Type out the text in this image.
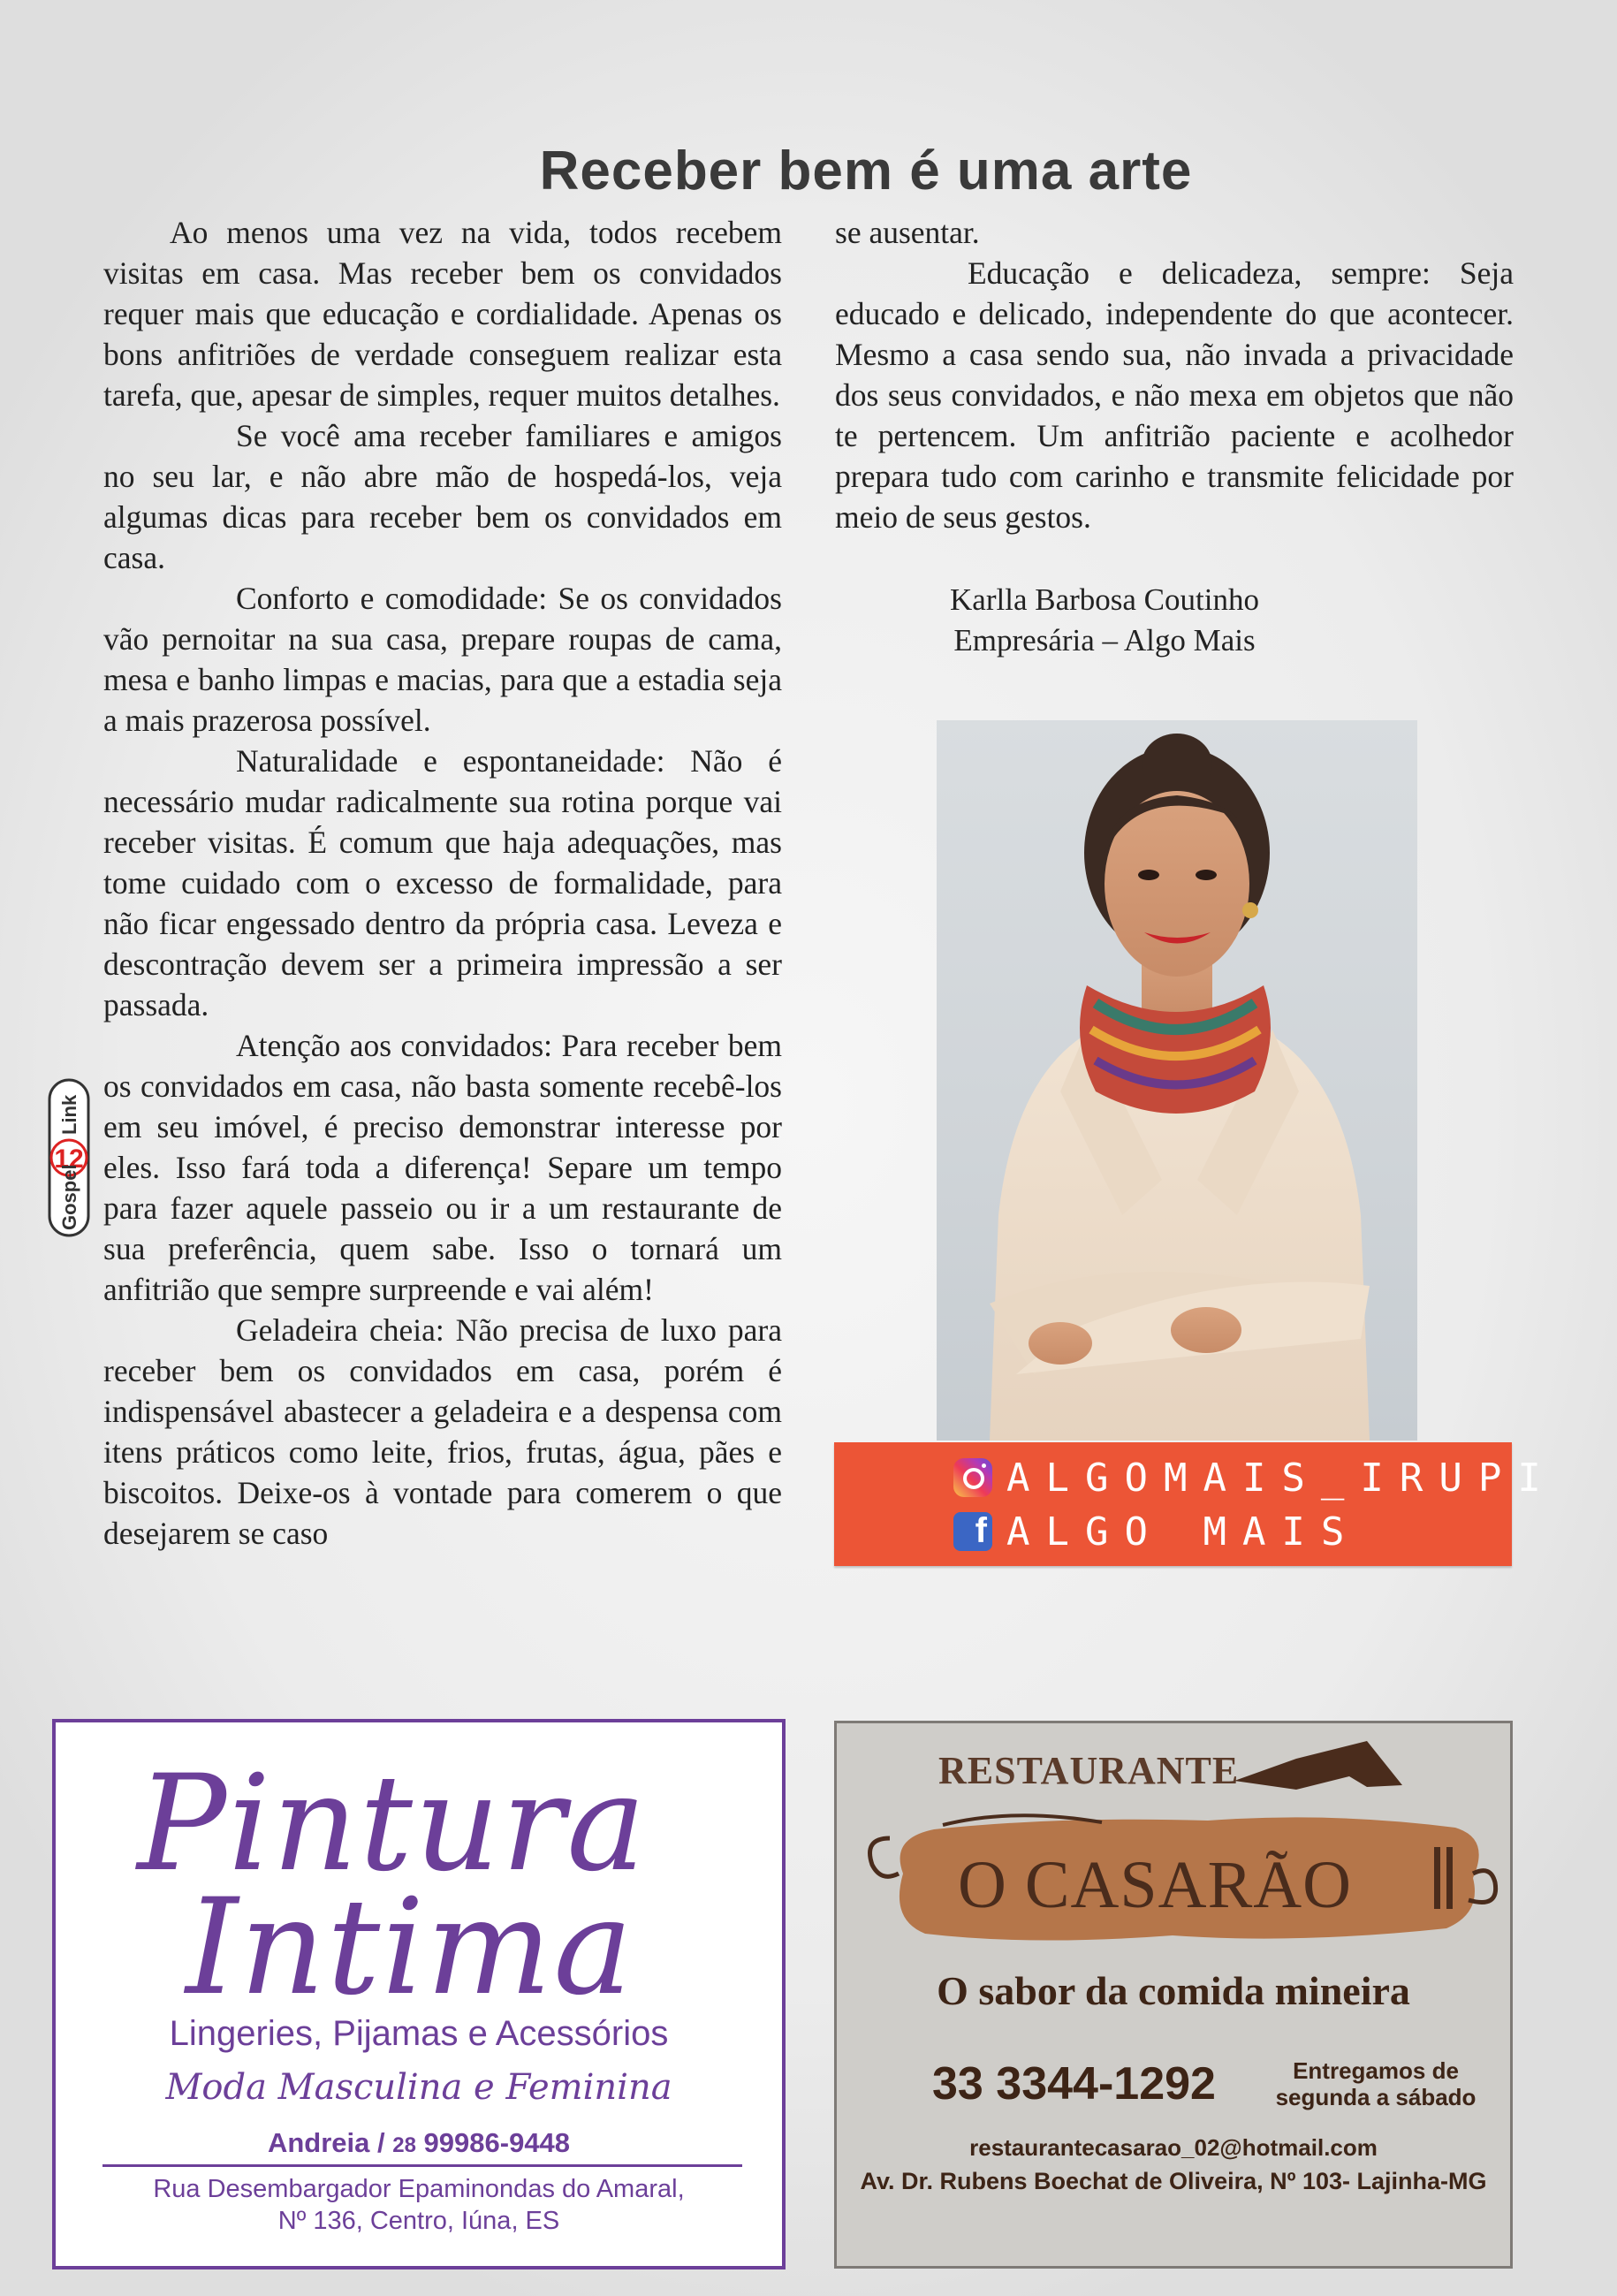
Receber bem é uma arte

Ao menos uma vez na vida, todos recebem visitas em casa. Mas receber bem os convidados requer mais que educação e cordialidade. Apenas os bons anfitriões de verdade conseguem realizar esta tarefa, que, apesar de simples, requer muitos detalhes.

Se você ama receber familiares e amigos no seu lar, e não abre mão de hospedá-los, veja algumas dicas para receber bem os convidados em casa.

Conforto e comodidade: Se os convidados vão pernoitar na sua casa, prepare roupas de cama, mesa e banho limpas e macias, para que a estadia seja a mais prazerosa possível.

Naturalidade e espontaneidade: Não é necessário mudar radicalmente sua rotina porque vai receber visitas. É comum que haja adequações, mas tome cuidado com o excesso de formalidade, para não ficar engessado dentro da própria casa. Leveza e descontração devem ser a primeira impressão a ser passada.

Atenção aos convidados: Para receber bem os convidados em casa, não basta somente recebê-los em seu imóvel, é preciso demonstrar interesse por eles. Isso fará toda a diferença! Separe um tempo para fazer aquele passeio ou ir a um restaurante de sua preferência, quem sabe. Isso o tornará um anfitrião que sempre surpreende e vai além!

Geladeira cheia: Não precisa de luxo para receber bem os convidados em casa, porém é indispensável abastecer a geladeira e a despensa com itens práticos como leite, frios, frutas, água, pães e biscoitos. Deixe-os à vontade para comerem o que desejarem se caso

se ausentar.

Educação e delicadeza, sempre: Seja educado e delicado, independente do que acontecer. Mesmo a casa sendo sua, não invada a privacidade dos seus convidados, e não mexa em objetos que não te pertencem. Um anfitrião paciente e acolhedor prepara tudo com carinho e transmite felicidade por meio de seus gestos.

Karlla Barbosa Coutinho
Empresária – Algo Mais
ALGOMAIS_IRUPI
f ALGO MAIS
12
Link
Gospel
Pintura
Intima
Lingeries, Pijamas e Acessórios
Moda Masculina e Feminina
Andreia / 28 99986-9448
Rua Desembargador Epaminondas do Amaral,
Nº 136, Centro, Iúna, ES
RESTAURANTE
O CASARÃO
O sabor da comida mineira
33 3344-1292	Entregamos de
segunda a sábado
restaurantecasarao_02@hotmail.com
Av. Dr. Rubens Boechat de Oliveira, Nº 103- Lajinha-MG
